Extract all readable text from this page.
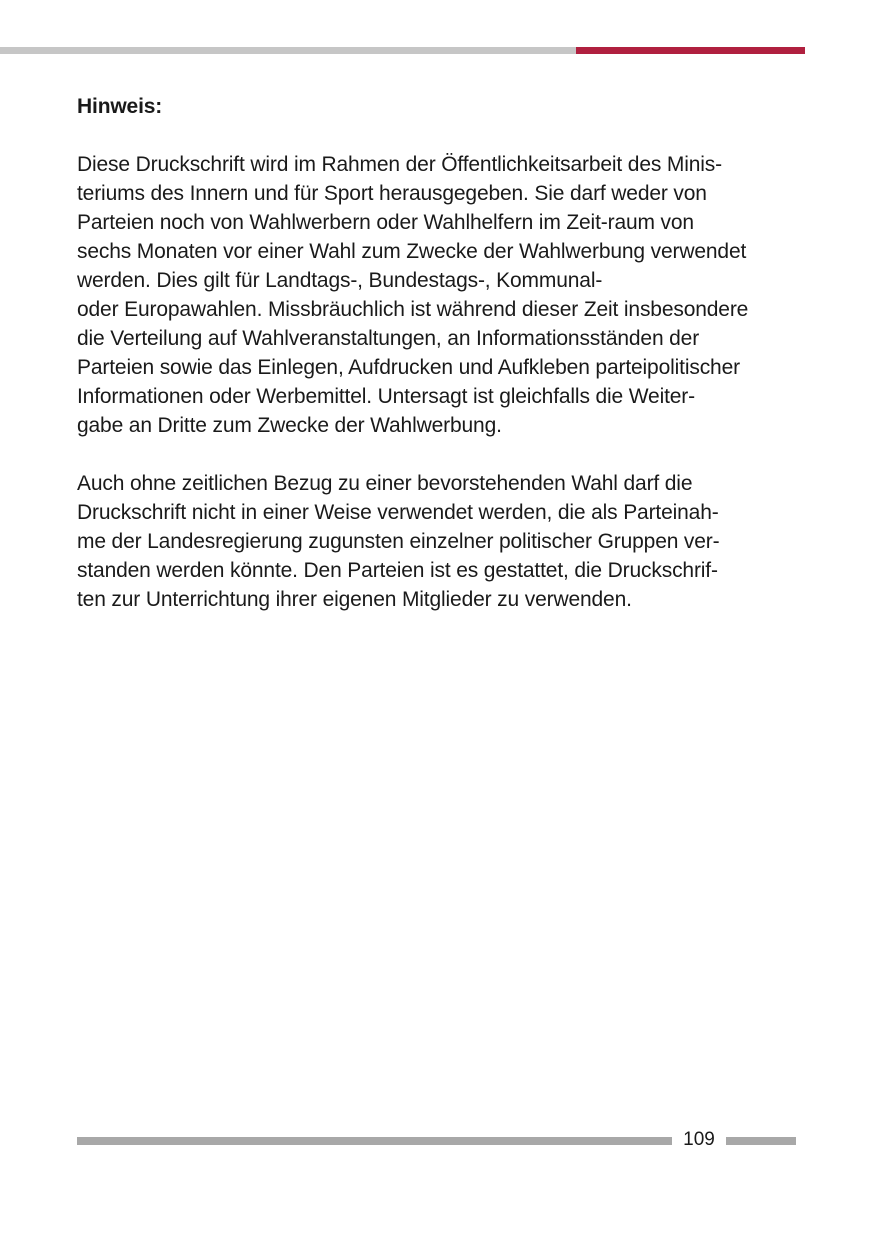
Hinweis:
Diese Druckschrift wird im Rahmen der Öffentlichkeitsarbeit des Minis-
teriums des Innern und für Sport herausgegeben. Sie darf weder von
Parteien noch von Wahlwerbern oder Wahlhelfern im Zeit-raum von
sechs Monaten vor einer Wahl zum Zwecke der Wahlwerbung verwendet
werden. Dies gilt für Landtags-, Bundestags-, Kommunal-
oder Europawahlen. Missbräuchlich ist während dieser Zeit insbesondere
die Verteilung auf Wahlveranstaltungen, an Informationsständen der
Parteien sowie das Einlegen, Aufdrucken und Aufkleben parteipolitischer
Informationen oder Werbemittel. Untersagt ist gleichfalls die Weiter-
gabe an Dritte zum Zwecke der Wahlwerbung.
Auch ohne zeitlichen Bezug zu einer bevorstehenden Wahl darf die
Druckschrift nicht in einer Weise verwendet werden, die als Parteinah-
me der Landesregierung zugunsten einzelner politischer Gruppen ver-
standen werden könnte. Den Parteien ist es gestattet, die Druckschrif-
ten zur Unterrichtung ihrer eigenen Mitglieder zu verwenden.
109
